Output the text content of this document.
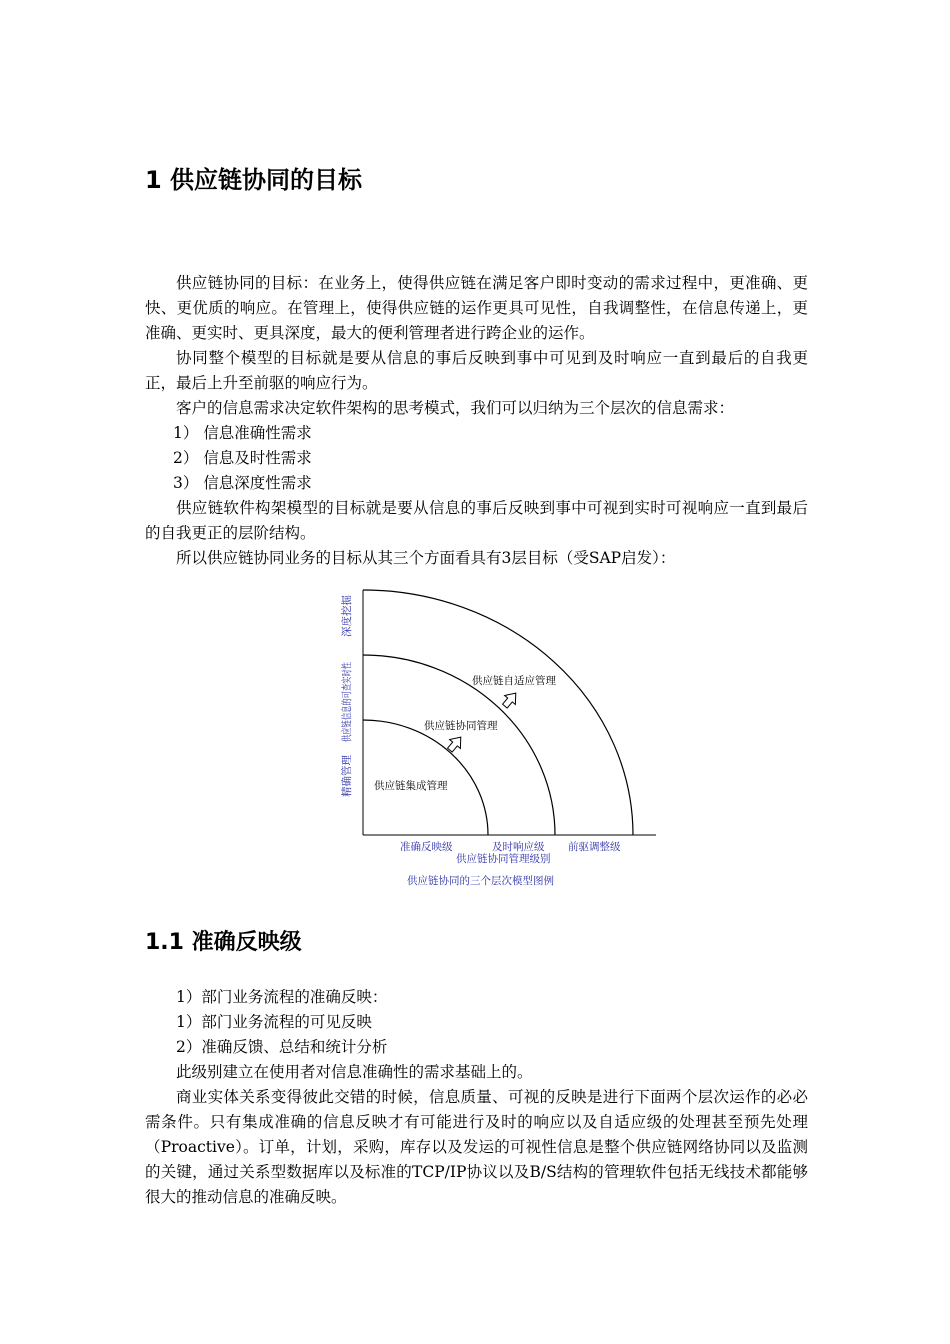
1 供应链协同的目标

供应链协同的目标：在业务上，使得供应链在满足客户即时变动的需求过程中，更准确、更快、更优质的响应。在管理上，使得供应链的运作更具可见性，自我调整性，在信息传递上，更准确、更实时、更具深度，最大的便利管理者进行跨企业的运作。

协同整个模型的目标就是要从信息的事后反映到事中可见到及时响应一直到最后的自我更正，最后上升至前驱的响应行为。

客户的信息需求决定软件架构的思考模式，我们可以归纳为三个层次的信息需求：

1） 信息准确性需求

2） 信息及时性需求

3） 信息深度性需求

供应链软件构架模型的目标就是要从信息的事后反映到事中可视到实时可视响应一直到最后的自我更正的层阶结构。

所以供应链协同业务的目标从其三个方面看具有3层目标（受SAP启发）：

供应链集成管理
供应链协同管理
供应链自适应管理
精确管理
供应链信息的可查实时性
深度挖掘
准确反映级	及时响应级 前驱调整级
供应链协同管理级别
供应链协同的三个层次模型图例
1.1 准确反映级

1）部门业务流程的准确反映：

1）部门业务流程的可见反映

2）准确反馈、总结和统计分析

此级别建立在使用者对信息准确性的需求基础上的。

商业实体关系变得彼此交错的时候，信息质量、可视的反映是进行下面两个层次运作的必必需条件。只有集成准确的信息反映才有可能进行及时的响应以及自适应级的处理甚至预先处理（Proactive）。订单，计划，采购，库存以及发运的可视性信息是整个供应链网络协同以及监测的关键，通过关系型数据库以及标准的TCP/IP协议以及B/S结构的管理软件包括无线技术都能够很大的推动信息的准确反映。
